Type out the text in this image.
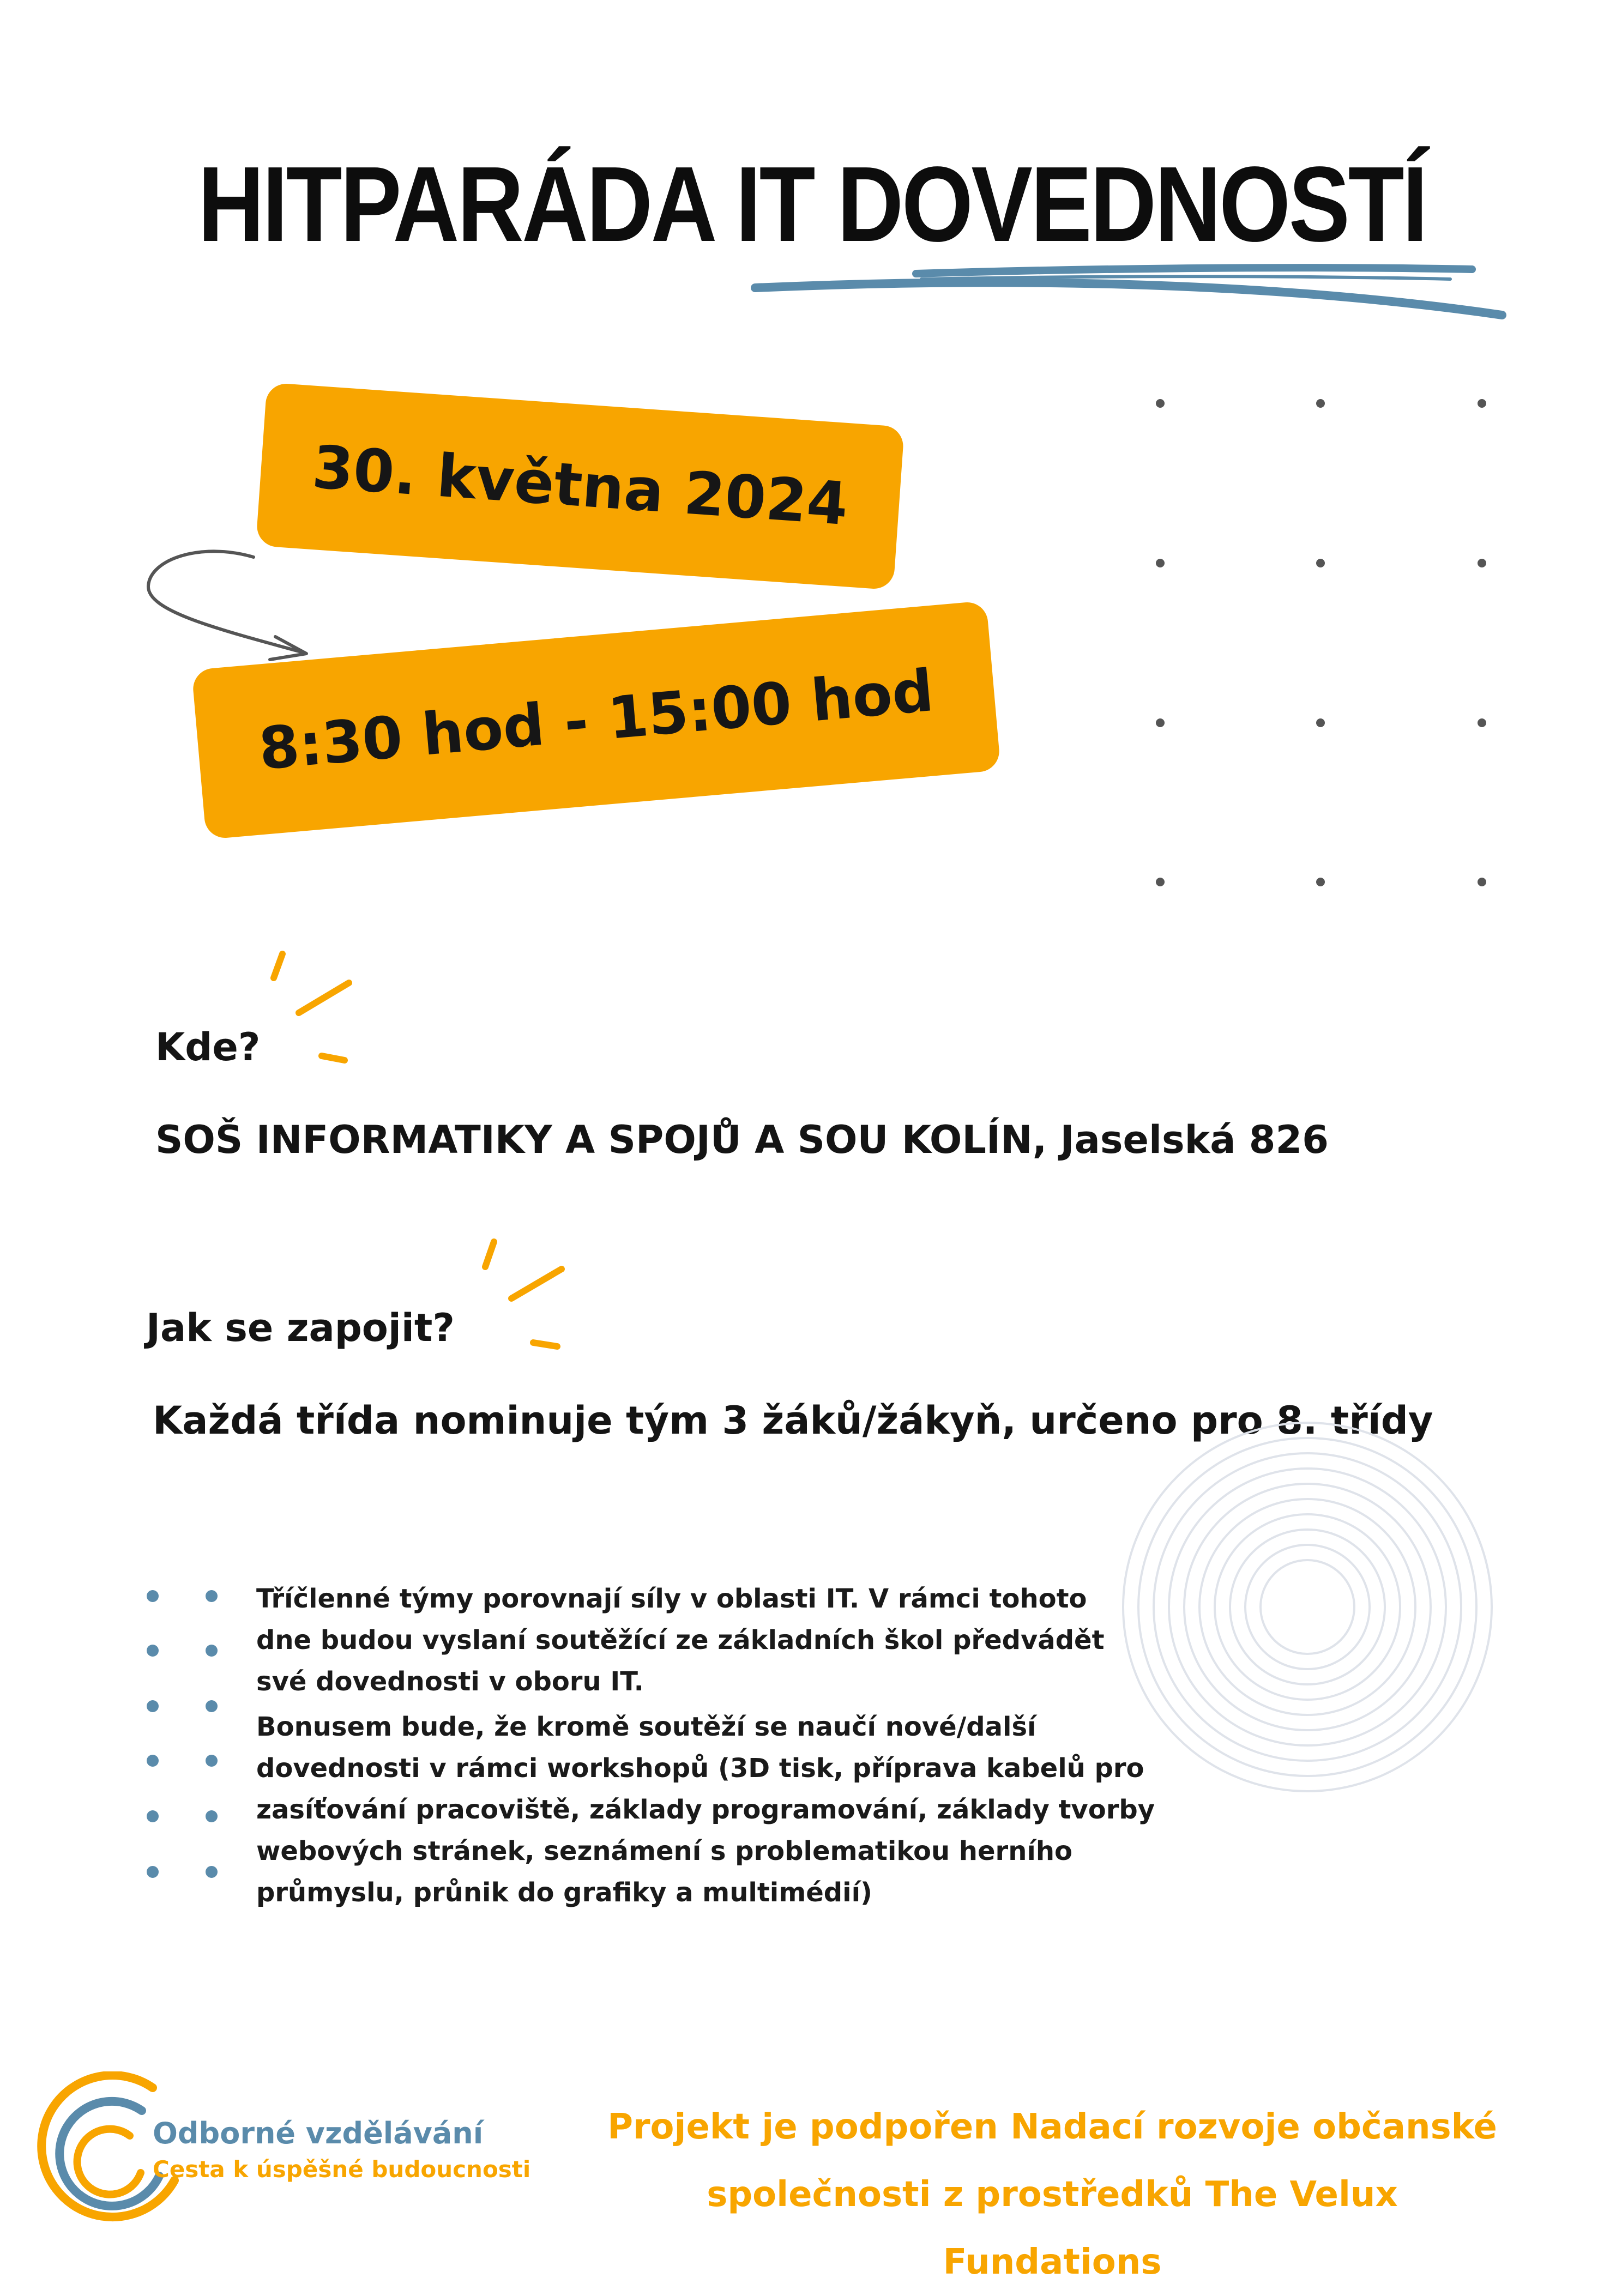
HITPARÁDA IT DOVEDNOSTÍ
30. května 2024
8:30 hod - 15:00 hod
Kde?
SOŠ INFORMATIKY A SPOJŮ A SOU KOLÍN, Jaselská 826
Jak se zapojit?
Každá třída nominuje tým 3 žáků/žákyň, určeno pro 8. třídy
Tříčlenné týmy porovnají síly v oblasti IT. V rámci tohoto dne budou vyslaní soutěžící ze základních škol předvádět své dovednosti v oboru IT.
Bonusem bude, že kromě soutěží se naučí nové/další dovednosti v rámci workshopů (3D tisk, příprava kabelů pro zasíťování pracoviště, základy programování, základy tvorby webových stránek, seznámení s problematikou herního průmyslu, průnik do grafiky a multimédií)
Odborné vzdělávání
Cesta k úspěšné budoucnosti
Projekt je podpořen Nadací rozvoje občanské
společnosti z prostředků The Velux Fundations
